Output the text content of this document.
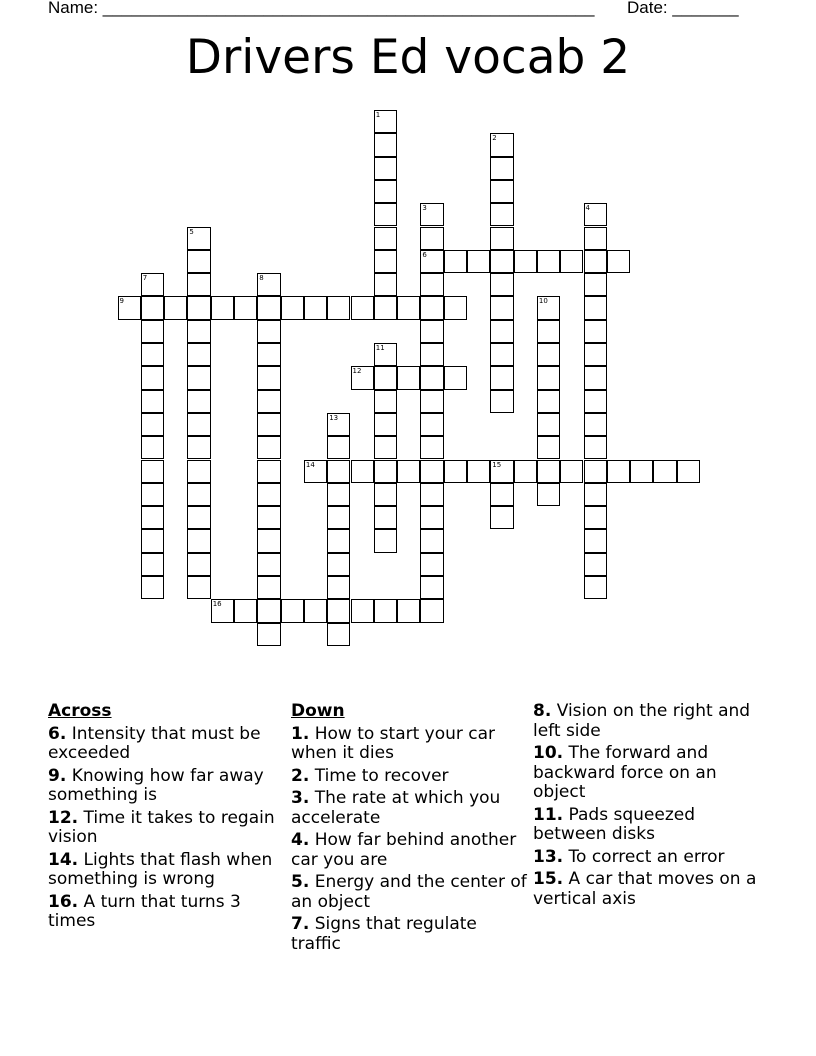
Name: ____________________________________________________ Date: _______
Drivers Ed vocab 2
1
2
3
6
4
5
7	8
9	10
11
12
13
14	15
16
Across
6. Intensity that must be exceeded
9. Knowing how far away something is
12. Time it takes to regain vision
14. Lights that flash when something is wrong
16. A turn that turns 3 times
Down
1. How to start your car when it dies
2. Time to recover
3. The rate at which you accelerate
4. How far behind another car you are
5. Energy and the center of an object
7. Signs that regulate traffic
8. Vision on the right and left side
10. The forward and backward force on an object
11. Pads squeezed between disks
13. To correct an error
15. A car that moves on a vertical axis
